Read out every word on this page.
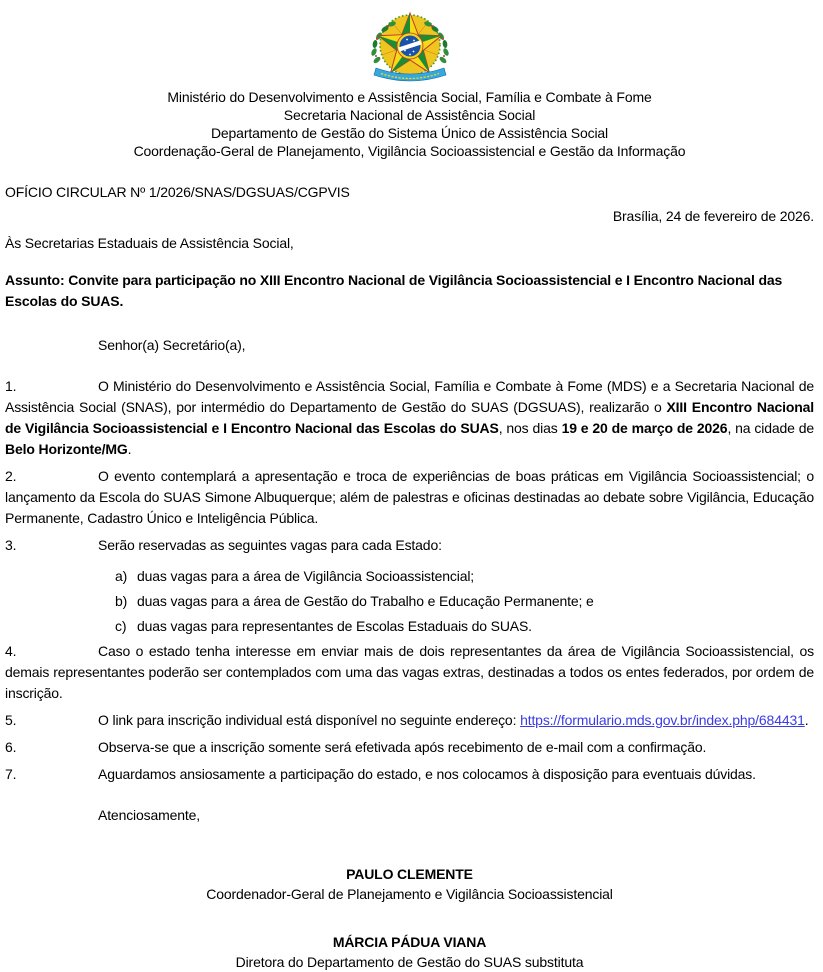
Ministério do Desenvolvimento e Assistência Social, Família e Combate à Fome
Secretaria Nacional de Assistência Social
Departamento de Gestão do Sistema Único de Assistência Social
Coordenação-Geral de Planejamento, Vigilância Socioassistencial e Gestão da Informação
OFÍCIO CIRCULAR Nº 1/2026/SNAS/DGSUAS/CGPVIS
Brasília, 24 de fevereiro de 2026.
Às Secretarias Estaduais de Assistência Social,
Assunto: Convite para participação no XIII Encontro Nacional de Vigilância Socioassistencial e I Encontro Nacional das Escolas do SUAS.
Senhor(a) Secretário(a),
1.	O Ministério do Desenvolvimento e Assistência Social, Família e Combate à Fome (MDS) e a Secretaria Nacional de Assistência Social (SNAS), por intermédio do Departamento de Gestão do SUAS (DGSUAS), realizarão o XIII Encontro Nacional de Vigilância Socioassistencial e I Encontro Nacional das Escolas do SUAS, nos dias 19 e 20 de março de 2026, na cidade de Belo Horizonte/MG.
2.	O evento contemplará a apresentação e troca de experiências de boas práticas em Vigilância Socioassistencial; o lançamento da Escola do SUAS Simone Albuquerque; além de palestras e oficinas destinadas ao debate sobre Vigilância, Educação Permanente, Cadastro Único e Inteligência Pública.
3.	Serão reservadas as seguintes vagas para cada Estado:
a) duas vagas para a área de Vigilância Socioassistencial;
b) duas vagas para a área de Gestão do Trabalho e Educação Permanente; e
c) duas vagas para representantes de Escolas Estaduais do SUAS.
4.	Caso o estado tenha interesse em enviar mais de dois representantes da área de Vigilância Socioassistencial, os demais representantes poderão ser contemplados com uma das vagas extras, destinadas a todos os entes federados, por ordem de inscrição.
5.	O link para inscrição individual está disponível no seguinte endereço: https://formulario.mds.gov.br/index.php/684431.
6.	Observa-se que a inscrição somente será efetivada após recebimento de e-mail com a confirmação.
7.	Aguardamos ansiosamente a participação do estado, e nos colocamos à disposição para eventuais dúvidas.
Atenciosamente,
PAULO CLEMENTE
Coordenador-Geral de Planejamento e Vigilância Socioassistencial
MÁRCIA PÁDUA VIANA
Diretora do Departamento de Gestão do SUAS substituta
